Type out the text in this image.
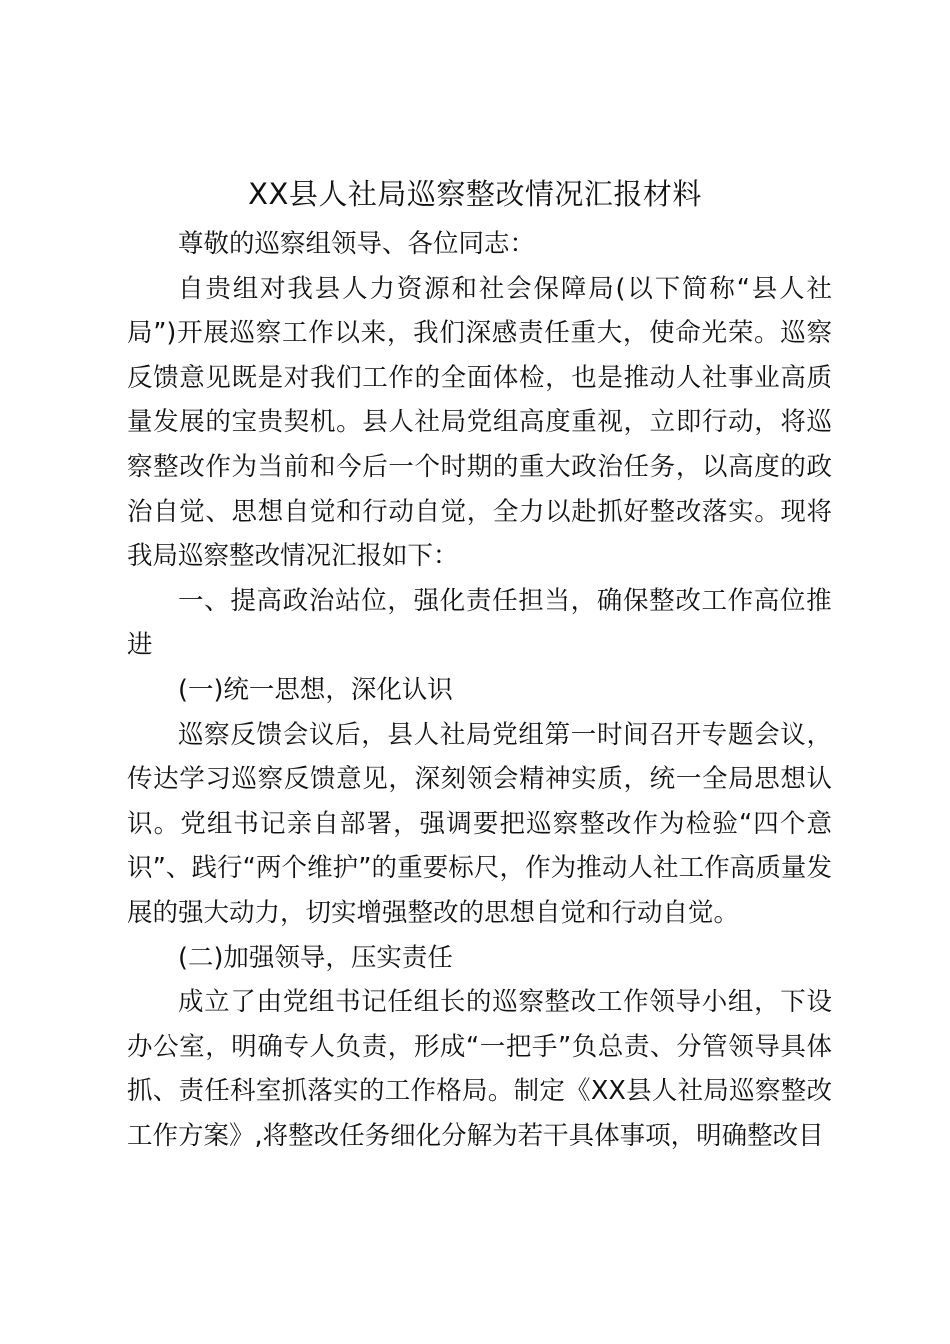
XX县人社局巡察整改情况汇报材料

尊敬的巡察组领导、各位同志：

自贵组对我县人力资源和社会保障局(以下简称“县人社局”)开展巡察工作以来，我们深感责任重大，使命光荣。巡察反馈意见既是对我们工作的全面体检，也是推动人社事业高质量发展的宝贵契机。县人社局党组高度重视，立即行动，将巡察整改作为当前和今后一个时期的重大政治任务，以高度的政治自觉、思想自觉和行动自觉，全力以赴抓好整改落实。现将我局巡察整改情况汇报如下：

一、提高政治站位，强化责任担当，确保整改工作高位推进

(一)统一思想，深化认识

巡察反馈会议后，县人社局党组第一时间召开专题会议，传达学习巡察反馈意见，深刻领会精神实质，统一全局思想认识。党组书记亲自部署，强调要把巡察整改作为检验“四个意识”、践行“两个维护”的重要标尺，作为推动人社工作高质量发展的强大动力，切实增强整改的思想自觉和行动自觉。

(二)加强领导，压实责任

成立了由党组书记任组长的巡察整改工作领导小组，下设办公室，明确专人负责，形成“一把手”负总责、分管领导具体抓、责任科室抓落实的工作格局。制定《XX县人社局巡察整改工作方案》,将整改任务细化分解为若干具体事项，明确整改目
